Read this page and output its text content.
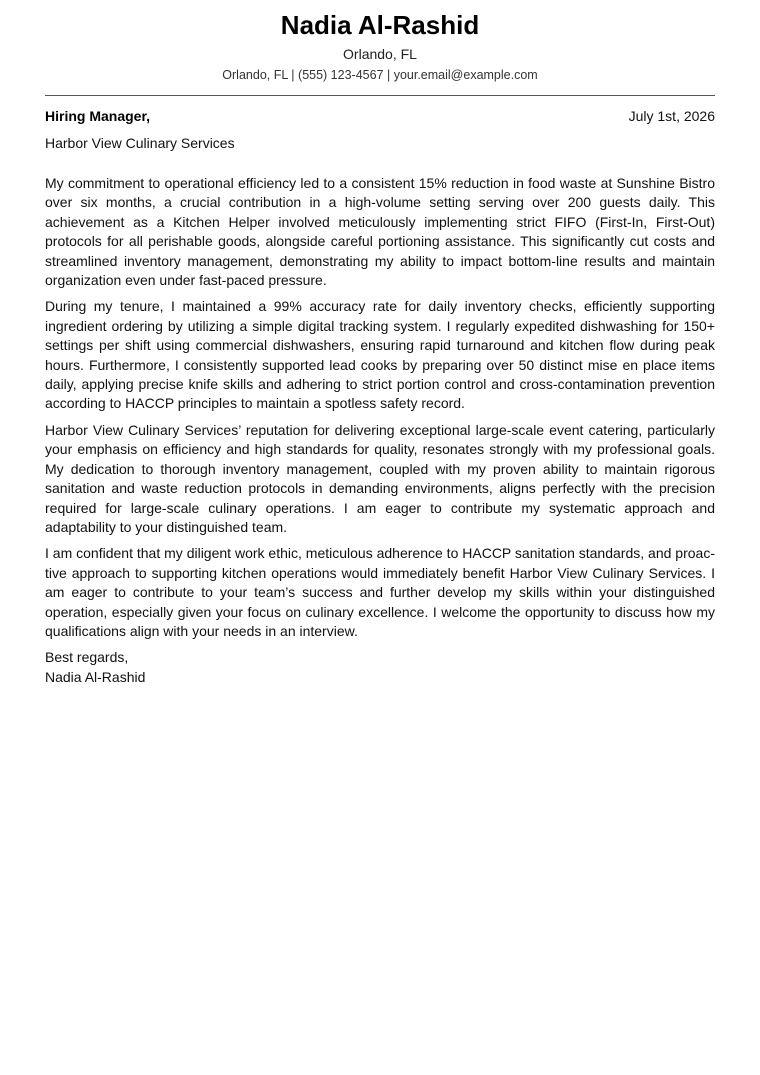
Nadia Al-Rashid
Orlando, FL
Orlando, FL | (555) 123-4567 | your.email@example.com
Hiring Manager,	July 1st, 2026
Harbor View Culinary Services

My commitment to operational efficiency led to a consistent 15% reduction in food waste at Sunshine Bistro over six months, a crucial contribution in a high-volume setting serving over 200 guests daily. This achievement as a Kitchen Helper involved meticulously implementing strict FIFO (First-In, First-Out) protocols for all perishable goods, alongside careful portioning assistance. This significantly cut costs and streamlined inventory management, demonstrating my ability to impact bottom-line results and maintain organization even under fast-paced pressure.

During my tenure, I maintained a 99% accuracy rate for daily inventory checks, efficiently supporting ingredient ordering by utilizing a simple digital tracking system. I regularly expedited dishwashing for 150+ settings per shift using commercial dishwashers, ensuring rapid turnaround and kitchen flow during peak hours. Furthermore, I consistently supported lead cooks by preparing over 50 distinct mise en place items daily, applying precise knife skills and adhering to strict portion control and cross-contamination prevention according to HACCP principles to maintain a spotless safety record.

Harbor View Culinary Services’ reputation for delivering exceptional large-scale event catering, particularly your emphasis on efficiency and high standards for quality, resonates strongly with my professional goals. My dedication to thorough inventory management, coupled with my proven ability to maintain rigorous sanitation and waste reduction protocols in demanding environments, aligns perfectly with the precision required for large-scale culinary operations. I am eager to contribute my systematic approach and adaptability to your distinguished team.

I am confident that my diligent work ethic, meticulous adherence to HACCP sanitation standards, and proactive approach to supporting kitchen operations would immediately benefit Harbor View Culinary Services. I am eager to contribute to your team’s success and further develop my skills within your distinguished operation, especially given your focus on culinary excellence. I welcome the opportunity to discuss how my qualifications align with your needs in an interview.

Best regards,
Nadia Al-Rashid
